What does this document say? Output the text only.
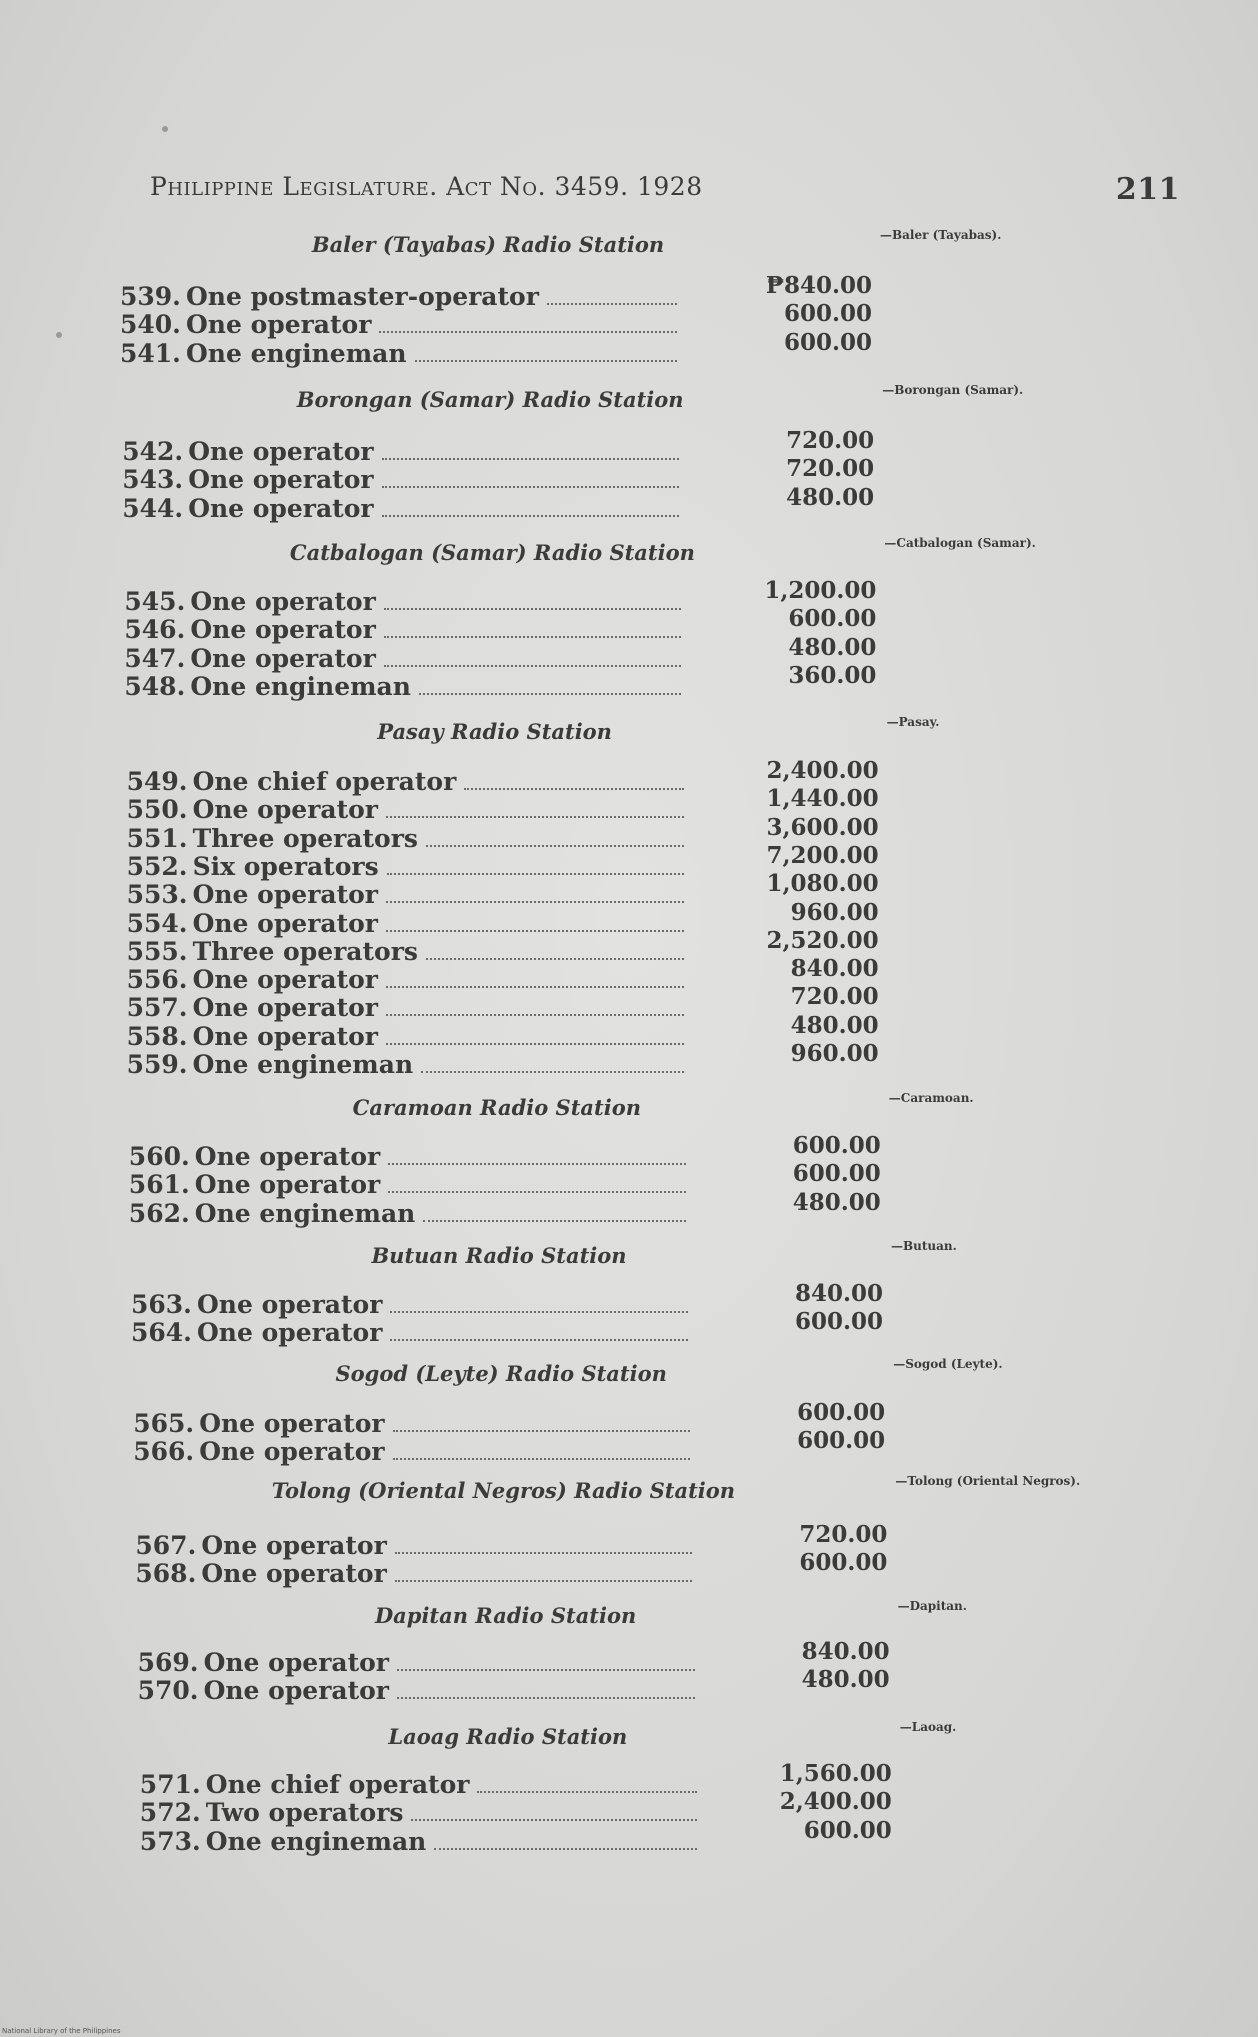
Philippine Legislature. Act No. 3459. 1928	211
Baler (Tayabas) Radio Station	—Baler (Tayabas).
539. One postmaster-operator	₱840.00
540. One operator	600.00
541. One engineman	600.00
Borongan (Samar) Radio Station	—Borongan (Samar).
542. One operator	720.00
543. One operator	720.00
544. One operator	480.00
Catbalogan (Samar) Radio Station	—Catbalogan (Samar).
545. One operator	1,200.00
546. One operator	600.00
547. One operator	480.00
548. One engineman	360.00
Pasay Radio Station	—Pasay.
549. One chief operator	2,400.00
550. One operator	1,440.00
551. Three operators	3,600.00
552. Six operators	7,200.00
553. One operator	1,080.00
554. One operator	960.00
555. Three operators	2,520.00
556. One operator	840.00
557. One operator	720.00
558. One operator	480.00
559. One engineman	960.00
Caramoan Radio Station	—Caramoan.
560. One operator	600.00
561. One operator	600.00
562. One engineman	480.00
Butuan Radio Station	—Butuan.
563. One operator	840.00
564. One operator	600.00
Sogod (Leyte) Radio Station	—Sogod (Leyte).
565. One operator	600.00
566. One operator	600.00
Tolong (Oriental Negros) Radio Station	—Tolong (Oriental Negros).
567. One operator	720.00
568. One operator	600.00
Dapitan Radio Station	—Dapitan.
569. One operator	840.00
570. One operator	480.00
Laoag Radio Station	—Laoag.
571. One chief operator	1,560.00
572. Two operators	2,400.00
573. One engineman	600.00
National Library of the Philippines
